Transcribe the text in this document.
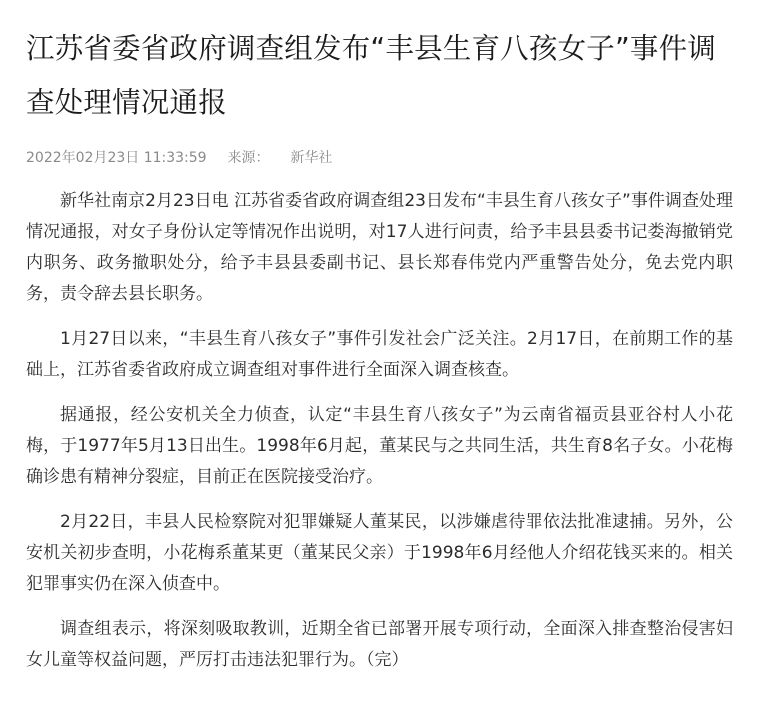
江苏省委省政府调查组发布“丰县生育八孩女子”事件调查处理情况通报
2022年02月23日 11:33:59 来源： 新华社

新华社南京2月23日电 江苏省委省政府调查组23日发布“丰县生育八孩女子”事件调查处理情况通报，对女子身份认定等情况作出说明，对17人进行问责，给予丰县县委书记娄海撤销党内职务、政务撤职处分，给予丰县县委副书记、县长郑春伟党内严重警告处分，免去党内职务，责令辞去县长职务。

1月27日以来，“丰县生育八孩女子”事件引发社会广泛关注。2月17日，在前期工作的基础上，江苏省委省政府成立调查组对事件进行全面深入调查核查。

据通报，经公安机关全力侦查，认定“丰县生育八孩女子”为云南省福贡县亚谷村人小花梅，于1977年5月13日出生。1998年6月起，董某民与之共同生活，共生育8名子女。小花梅确诊患有精神分裂症，目前正在医院接受治疗。

2月22日，丰县人民检察院对犯罪嫌疑人董某民，以涉嫌虐待罪依法批准逮捕。另外，公安机关初步查明，小花梅系董某更（董某民父亲）于1998年6月经他人介绍花钱买来的。相关犯罪事实仍在深入侦查中。

调查组表示，将深刻吸取教训，近期全省已部署开展专项行动，全面深入排查整治侵害妇女儿童等权益问题，严厉打击违法犯罪行为。（完）
